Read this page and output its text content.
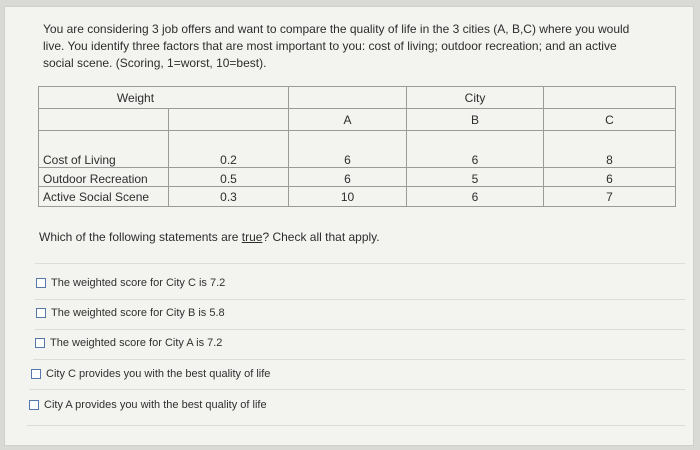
You are considering 3 job offers and want to compare the quality of life in the 3 cities (A, B,C) where you would
live. You identify three factors that are most important to you: cost of living; outdoor recreation; and an active
social scene. (Scoring, 1=worst, 10=best).
Weight			City	
		A	B	C
Cost of Living	0.2	6	6	8
Outdoor Recreation	0.5	6	5	6
Active Social Scene	0.3	10	6	7
Which of the following statements are true? Check all that apply.
The weighted score for City C is 7.2
The weighted score for City B is 5.8
The weighted score for City A is 7.2
City C provides you with the best quality of life
City A provides you with the best quality of life
